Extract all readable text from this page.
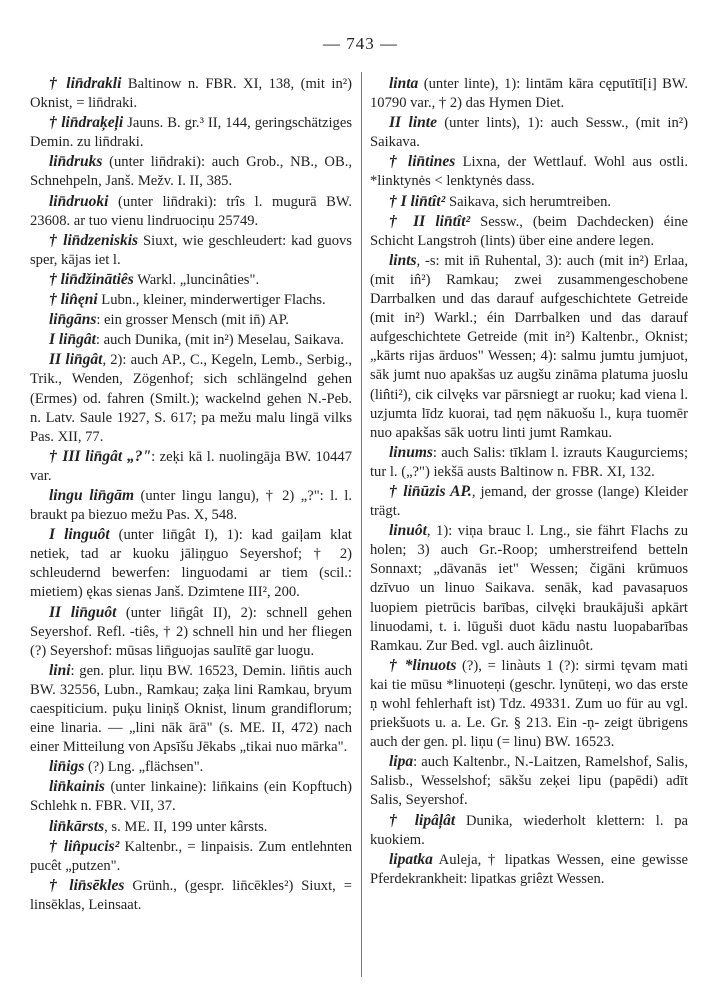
— 743 —

† lin̄drakli Baltinow n. FBR. XI, 138, (mit in²) Oknist, = lin̄draki.

† lin̄draķeļi Jauns. B. gr.³ II, 144, geringschätziges Demin. zu lin̄draki.

lin̄druks (unter lin̄draki): auch Grob., NB., OB., Schnehpeln, Janš. Mežv. I. II, 385.

lin̄druoki (unter lin̄draki): trîs l. mugurā BW. 23608. ar tuo vienu lindruociņu 25749.

† lin̄dzeniskis Siuxt, wie geschleudert: kad guovs sper, kājas iet l.

† lin̄džinātiês Warkl. „luncinâties".

† lin̂ęni Lubn., kleiner, minderwertiger Flachs.

lin̄gāns: ein grosser Mensch (mit in̄) AP.

I lin̄gât: auch Dunika, (mit in²) Meselau, Saikava.

II lin̄gât, 2): auch AP., C., Kegeln, Lemb., Serbig., Trik., Wenden, Zögenhof; sich schlängelnd gehen (Ermes) od. fahren (Smilt.); wackelnd gehen N.-Peb. n. Latv. Saule 1927, S. 617; pa mežu malu lingā vilks Pas. XII, 77.

† III lin̄gât „?": zeķi kā l. nuolingāja BW. 10447 var.

lingu lin̄gām (unter lingu langu), † 2) „?": l. l. braukt pa biezuo mežu Pas. X, 548.

I linguôt (unter lin̄gât I), 1): kad gaiļam klat netiek, tad ar kuoku jāliņguo Seyershof; † 2) schleudernd bewerfen: linguodami ar tiem (scil.: mietiem) ękas sienas Janš. Dzimtene III², 200.

II lin̄guôt (unter lin̄gât II), 2): schnell gehen Seyershof. Refl. -tiês, † 2) schnell hin und her fliegen (?) Seyershof: mūsas lin̄guojas saulītē gar luogu.

lini: gen. plur. liņu BW. 16523, Demin. lin̄tis auch BW. 32556, Lubn., Ramkau; zaķa lini Ramkau, bryum caespiticium. puķu liniņš Oknist, linum grandiflorum; eine linaria. — „lini nāk ārā" (s. ME. II, 472) nach einer Mitteilung von Apsīšu Jēkabs „tikai nuo mārka".

lin̄igs (?) Lng. „flächsen".

lin̄kainis (unter linkaine): lin̄kains (ein Kopftuch) Schlehk n. FBR. VII, 37.

lin̄kārsts, s. ME. II, 199 unter kârsts.

† lin̂pucis² Kaltenbr., = linpaisis. Zum entlehnten pucêt „putzen".

† lin̄sēkles Grünh., (gespr. lin̄cēkles²) Siuxt, = linsēklas, Leinsaat.

linta (unter linte), 1): lintām kāra cęputītī[i] BW. 10790 var., † 2) das Hymen Diet.

II linte (unter lints), 1): auch Sessw., (mit in²) Saikava.

† lin̄tines Lixna, der Wettlauf. Wohl aus ostli. *linktynės < lenktynės dass.

† I lin̄tît² Saikava, sich herumtreiben.

† II lin̄tît² Sessw., (beim Dachdecken) éine Schicht Langstroh (lints) über eine andere legen.

lints, -s: mit in̄ Ruhental, 3): auch (mit in²) Erlaa, (mit in̂²) Ramkau; zwei zusammengeschobene Darrbalken und das darauf aufgeschichtete Getreide (mit in²) Warkl.; éin Darrbalken und das darauf aufgeschichtete Getreide (mit in²) Kaltenbr., Oknist; „kārts rijas ārduos" Wessen; 4): salmu jumtu jumjuot, sāk jumt nuo apakšas uz augšu zināma platuma juoslu (lin̂ti²), cik cilvęks var pārsniegt ar ruoku; kad viena l. uzjumta līdz kuorai, tad ņęm nākuošu l., kuŗa tuomēr nuo apakšas sāk uotru linti jumt Ramkau.

linums: auch Salis: tīklam l. izrauts Kaugurciems; tur l. („?") iekšā austs Baltinow n. FBR. XI, 132.

† lin̄ūzis AP., jemand, der grosse (lange) Kleider trägt.

linuôt, 1): viņa brauc l. Lng., sie fährt Flachs zu holen; 3) auch Gr.-Roop; umherstreifend betteln Sonnaxt; „dāvanās iet" Wessen; čigāni krūmuos dzīvuo un linuo Saikava. senāk, kad pavasaŗuos luopiem pietrūcis barības, cilvęki braukājuši apkārt linuodami, t. i. lūguši duot kādu nastu luopabarības Ramkau. Zur Bed. vgl. auch âizlinuôt.

† *linuots (?), = linàuts 1 (?): sirmi tęvam mati kai tie mūsu *linuoteņi (geschr. lynūteņi, wo das erste ņ wohl fehlerhaft ist) Tdz. 49331. Zum uo für au vgl. priekšuots u. a. Le. Gr. § 213. Ein -ņ- zeigt übrigens auch der gen. pl. liņu (= linu) BW. 16523.

lipa: auch Kaltenbr., N.-Laitzen, Ramelshof, Salis, Salisb., Wesselshof; sākšu zeķei lipu (papēdi) adīt Salis, Seyershof.

† lipâļât Dunika, wiederholt klettern: l. pa kuokiem.

lipatka Auleja, † lipatkas Wessen, eine gewisse Pferdekrankheit: lipatkas griêzt Wessen.
